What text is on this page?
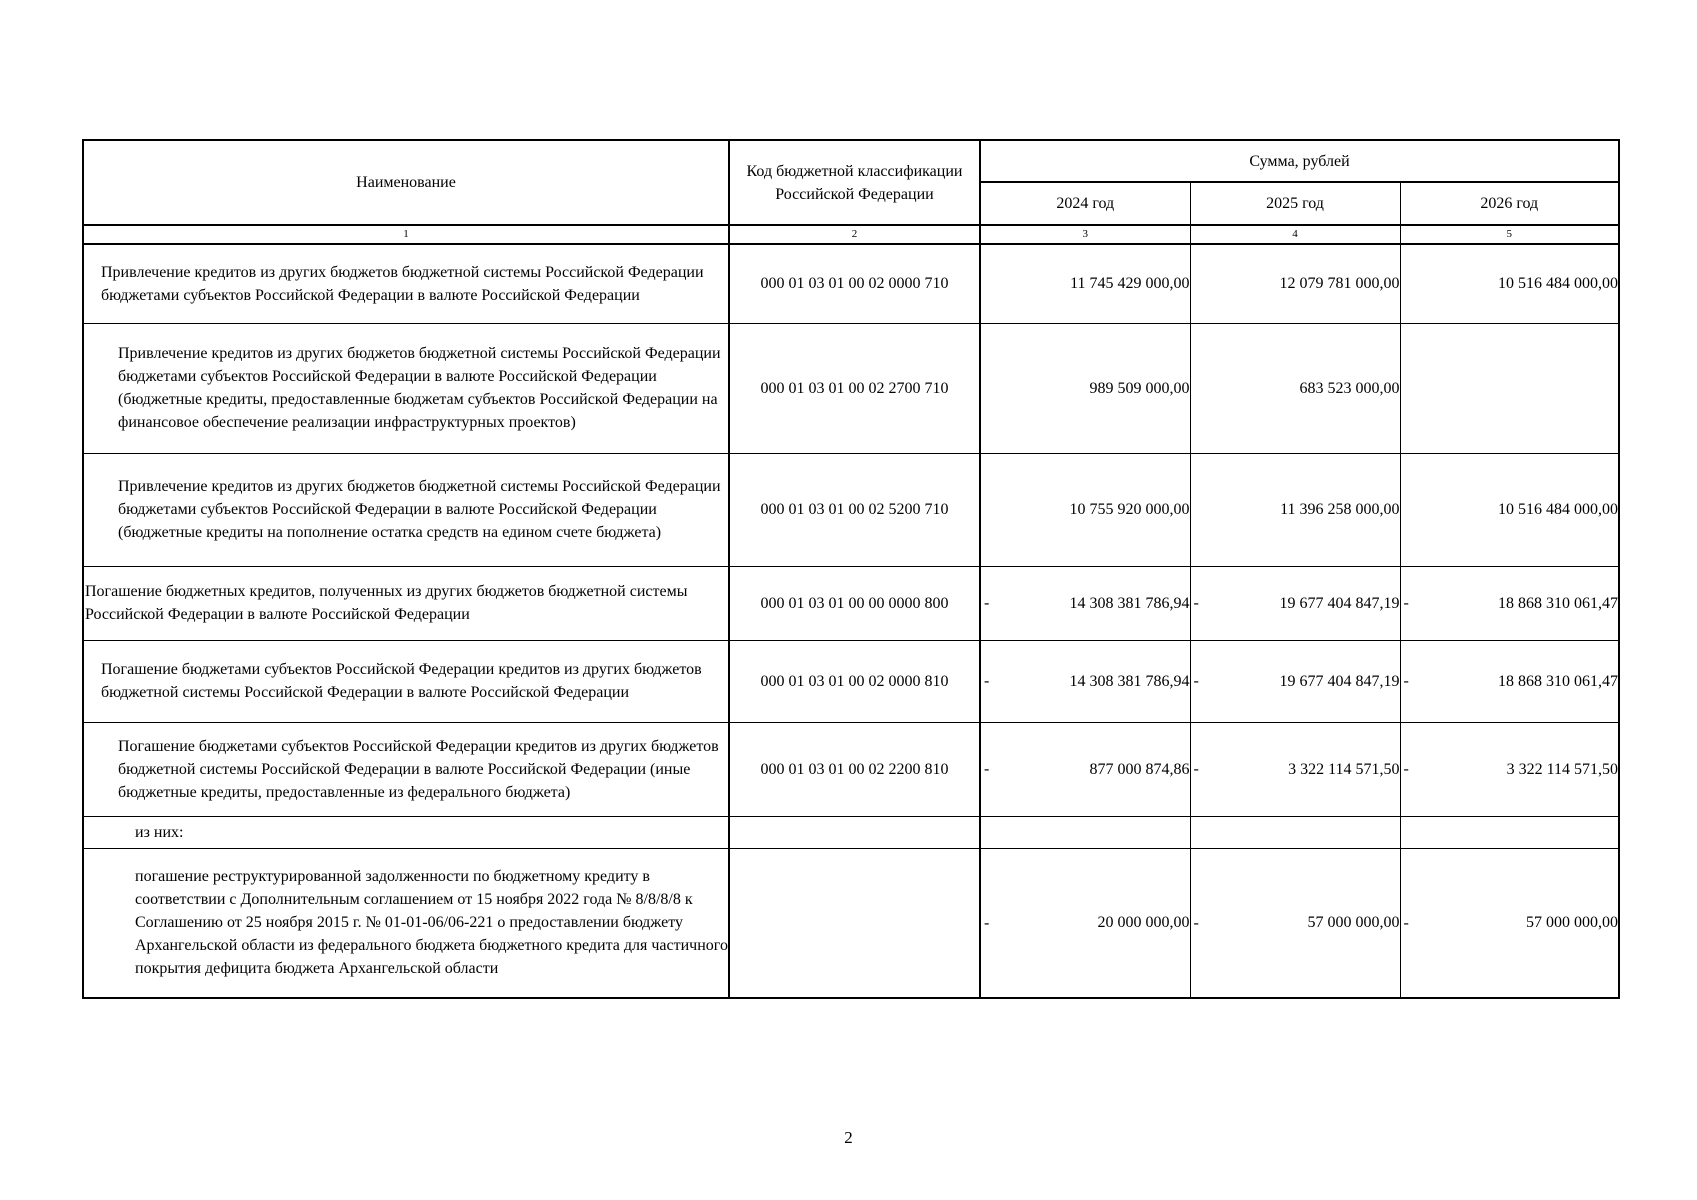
Наименование	Код бюджетной классификации Российской Федерации	Сумма, рублей		
		2024 год	2025 год	2026 год
1	2	3	4	5
Привлечение кредитов из других бюджетов бюджетной системы Российской Федерации бюджетами субъектов Российской Федерации в валюте Российской Федерации	000 01 03 01 00 02 0000 710	11 745 429 000,00	12 079 781 000,00	10 516 484 000,00
Привлечение кредитов из других бюджетов бюджетной системы Российской Федерации бюджетами субъектов Российской Федерации в валюте Российской Федерации (бюджетные кредиты, предоставленные бюджетам субъектов Российской Федерации на финансовое обеспечение реализации инфраструктурных проектов)	000 01 03 01 00 02 2700 710	989 509 000,00	683 523 000,00	

Привлечение кредитов из других бюджетов бюджетной системы Российской Федерации бюджетами субъектов Российской Федерации в валюте Российской Федерации (бюджетные кредиты на пополнение остатка средств на едином счете бюджета)	000 01 03 01 00 02 5200 710	10 755 920 000,00	11 396 258 000,00	10 516 484 000,00
Погашение бюджетных кредитов, полученных из других бюджетов бюджетной системы Российской Федерации в валюте Российской Федерации	000 01 03 01 00 00 0000 800	- 14 308 381 786,94	- 19 677 404 847,19	- 18 868 310 061,47
Погашение бюджетами субъектов Российской Федерации кредитов из других бюджетов бюджетной системы Российской Федерации в валюте Российской Федерации	000 01 03 01 00 02 0000 810	- 14 308 381 786,94	- 19 677 404 847,19	- 18 868 310 061,47
Погашение бюджетами субъектов Российской Федерации кредитов из других бюджетов бюджетной системы Российской Федерации в валюте Российской Федерации (иные бюджетные кредиты, предоставленные из федерального бюджета)	000 01 03 01 00 02 2200 810	- 877 000 874,86	- 3 322 114 571,50	- 3 322 114 571,50
из них:		

погашение реструктурированной задолженности по бюджетному кредиту в соответствии с Дополнительным соглашением от 15 ноября 2022 года № 8/8/8/8 к Соглашению от 25 ноября 2015 г. № 01-01-06/06-221 о предоставлении бюджету Архангельской области из федерального бюджета бюджетного кредита для частичного покрытия дефицита бюджета Архангельской области		- 20 000 000,00	- 57 000 000,00	- 57 000 000,00
2
